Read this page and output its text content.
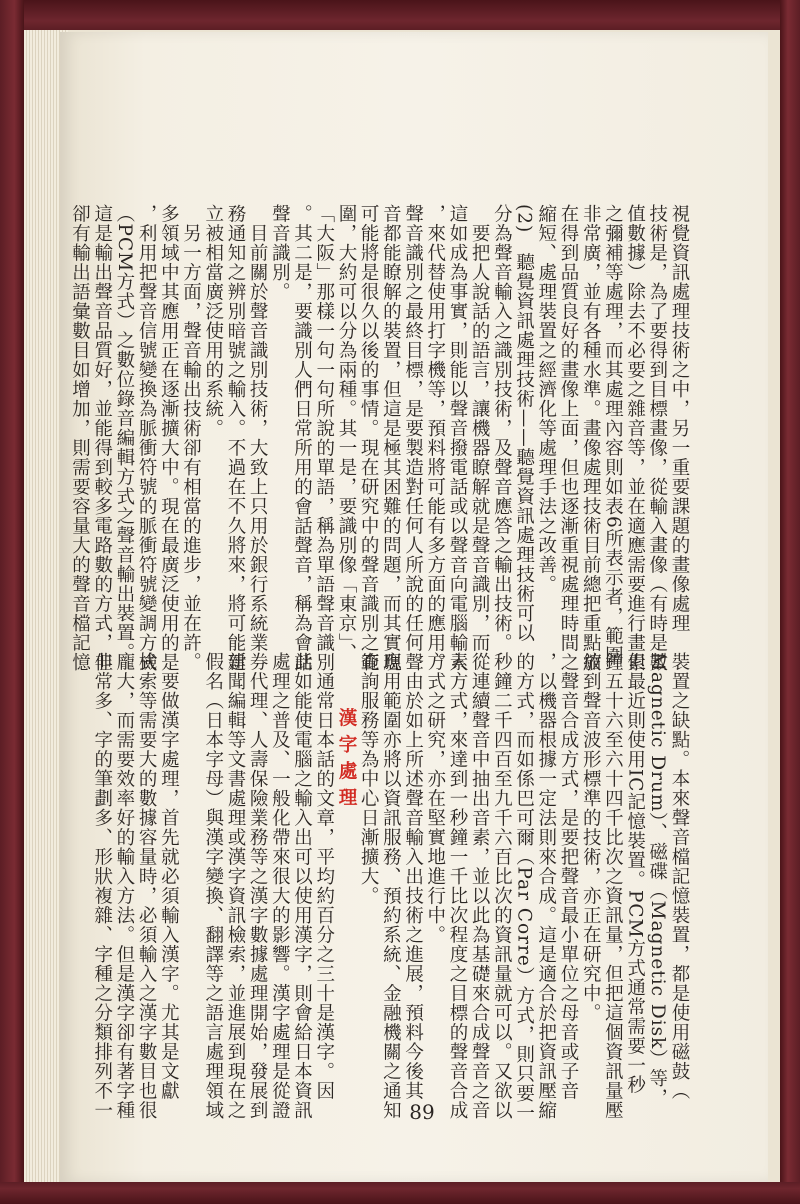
視覺資訊處理技術之中，另一重要課題的畫像處理
技術是，為了要得到目標畫像，從輸入畫像（有時是數
值數據）除去不必要之雜音等，並在適應需要進行畫素
之彌補等處理，而其處理內容則如表6所表示者，範圍
非常廣，並有各種水準。畫像處理技術目前總把重點放
在得到品質良好的畫像上面，但也逐漸重視處理時間之
縮短、處理裝置之經濟化等處理手法之改善。
(2)　聽覺資訊處理技術——聽覺資訊處理技術可以
分為聲音輸入之識別技術，及聲音應答之輸出技術。
　要把人說話的語言，讓機器瞭解就是聲音識別，而
這如成為事實，則能以聲音撥電話或以聲音向電腦輸入
，來代替使用打字機等，預料將可能有多方面的應用。
聲音識別之最終目標，是要製造對任何人所說的任何聲
音都能瞭解的裝置，但這是極其困難的問題，而其實現
可能將是很久以後的事情。現在研究中的聲音識別之範
圍，大約可以分為兩種。其一是，要識別像「東京」、
「大阪」那樣一句一句所說的單語，稱為單語聲音識別
。其二是，要識別人們日常所用的會話聲音，稱為會話
聲音識別。
　目前關於聲音識別技術，大致上只用於銀行系統業
務通知之辨別暗號之輸入。不過在不久將來，將可能建
立被相當廣泛使用的系統。
　另一方面，聲音輸出技術卻有相當的進步，並在許
多領域中其應用正在逐漸擴大中。現在最廣泛使用的是
，利用把聲音信號變換為脈衝符號的脈衝符號變調方式
（PCM方式）之數位錄音編輯方式之聲音輸出裝置。
這是輸出聲音品質好，並能得到較多電路數的方式，但
卻有輸出語彙數目如增加，則需要容量大的聲音檔記憶
裝置之缺點。本來聲音檔記憶裝置，都是使用磁鼓（
Magnetic Drum）、磁碟（Magnetic Disk）等，
但最近則使用IC記憶裝置。PCM方式通常需要一秒
鐘五十六至六十四千比次之資訊量，但把這個資訊量壓
縮到聲音波形標準的技術，亦正在研究中。
　聲音合成方式，是要把聲音最小單位之母音或子音
，以機器根據一定法則來合成。這是適合於把資訊壓縮
的方式，而如係巴可爾（Par Corre）方式，則只要一
秒鐘二千四百至九千六百比次的資訊量就可以。又欲以
從連續聲音中抽出音素，並以此為基礎來合成聲音之音
素方式，來達到一秒鐘一千比次程度之目標的聲音合成
方式之研究，亦在堅實地進行中。
　由於如上所述聲音輸入出技術之進展，預料今後其
應用範圍亦將以資訊服務、預約系統、金融機關之通知
查詢服務等為中心日漸擴大。
漢字處理
　通常日本話的文章，平均約百分之三十是漢字。因
此如能使電腦之輸入出可以使用漢字，則會給日本資訊
處理之普及、一般化帶來很大的影響。漢字處理是從證
券代理、人壽保險業務等之漢字數據處理開始，發展到
新聞編輯等文書處理或漢字資訊檢索，並進展到現在之
假名（日本字母）與漢字變換、翻譯等之語言處理領域
。
　要做漢字處理，首先就必須輸入漢字。尤其是文獻
檢索等需要大的數據容量時，必須輸入之漢字數目也很
龐大，而需要效率好的輸入方法。但是漢字卻有著字種
非常多、字的筆劃多、形狀複雜、字種之分類排列不一	89
